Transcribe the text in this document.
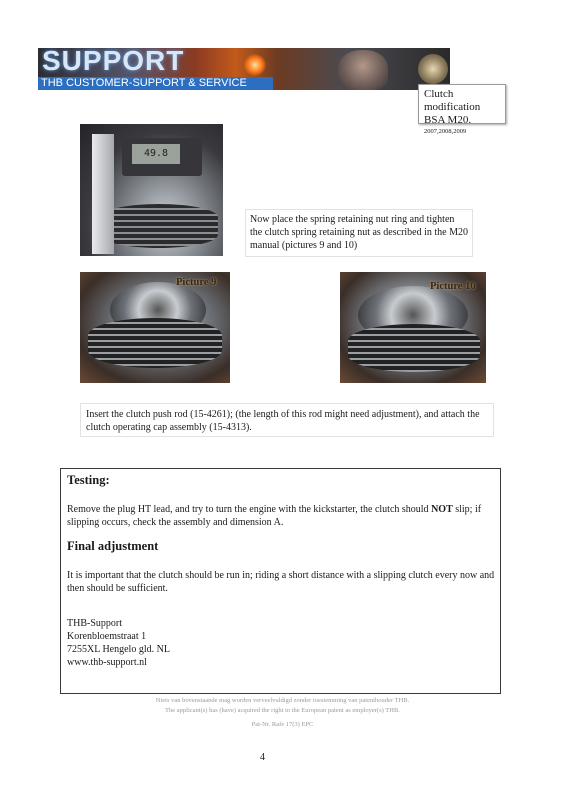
SUPPORT
THB CUSTOMER-SUPPORT & SERVICE
Clutch modification
BSA M20.
2007,2008,2009
49.8
Now place the spring retaining nut ring and tighten the clutch spring retaining nut as described in the M20 manual (pictures 9 and 10)
Picture 9	Picture 10
Insert the clutch push rod (15-4261); (the length of this rod might need adjustment), and attach the clutch operating cap assembly (15-4313).
Testing:

Remove the plug HT lead, and try to turn the engine with the kickstarter, the clutch should NOT slip; if slipping occurs, check the assembly and dimension A.

Final adjustment

It is important that the clutch should be run in; riding a short distance with a slipping clutch every now and then should be sufficient.

THB-Support
Korenbloemstraat 1
7255XL Hengelo gld. NL
www.thb-support.nl
Niets van bovenstaande mag worden verveelvuldigd zonder toestemming van patenthouder THB.
The applicant(s) has (have) acquired the right to the European patent as employer(s) THB.
Pat-Nr. Rafe 17(3) EPC
4
